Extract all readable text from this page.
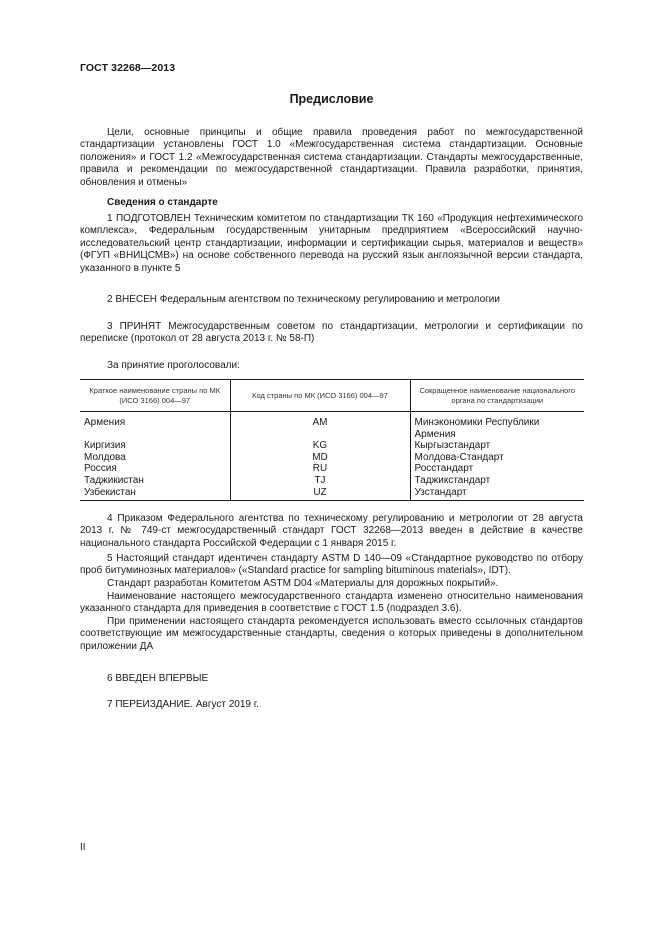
ГОСТ 32268—2013
Предисловие

Цели, основные принципы и общие правила проведения работ по межгосударственной стандартизации установлены ГОСТ 1.0 «Межгосударственная система стандартизации. Основные положения» и ГОСТ 1.2 «Межгосударственная система стандартизации. Стандарты межгосударственные, правила и рекомендации по межгосударственной стандартизации. Правила разработки, принятия, обновления и отмены»

Сведения о стандарте

1 ПОДГОТОВЛЕН Техническим комитетом по стандартизации ТК 160 «Продукция нефтехимического комплекса», Федеральным государственным унитарным предприятием «Всероссийский научно-исследовательский центр стандартизации, информации и сертификации сырья, материалов и веществ» (ФГУП «ВНИЦСМВ») на основе собственного перевода на русский язык англоязычной версии стандарта, указанного в пункте 5

2 ВНЕСЕН Федеральным агентством по техническому регулированию и метрологии

3 ПРИНЯТ Межгосударственным советом по стандартизации, метрологии и сертификации по переписке (протокол от 28 августа 2013 г. № 58-П)

За принятие проголосовали:

Краткое наименование страны по МК (ИСО 3166) 004—97	Код страны по МК (ИСО 3166) 004—97	Сокращенное наименование национального органа по стандартизации
Армения	AM	Минэкономики Республики Армения
Киргизия	KG	Кыргызстандарт
Молдова	MD	Молдова-Стандарт
Россия	RU	Росстандарт
Таджикистан	TJ	Таджикстандарт
Узбекистан	UZ	Узстандарт

4 Приказом Федерального агентства по техническому регулированию и метрологии от 28 августа 2013 г. № 749-ст межгосударственный стандарт ГОСТ 32268—2013 введен в действие в качестве национального стандарта Российской Федерации с 1 января 2015 г.

5 Настоящий стандарт идентичен стандарту ASTM D 140—09 «Стандартное руководство по отбору проб битуминозных материалов» («Standard practice for sampling bituminous materials», IDT).

Стандарт разработан Комитетом ASTM D04 «Материалы для дорожных покрытий».

Наименование настоящего межгосударственного стандарта изменено относительно наименования указанного стандарта для приведения в соответствие с ГОСТ 1.5 (подраздел 3.6).

При применении настоящего стандарта рекомендуется использовать вместо ссылочных стандартов соответствующие им межгосударственные стандарты, сведения о которых приведены в дополнительном приложении ДА

6 ВВЕДЕН ВПЕРВЫЕ

7 ПЕРЕИЗДАНИЕ. Август 2019 г.

II
